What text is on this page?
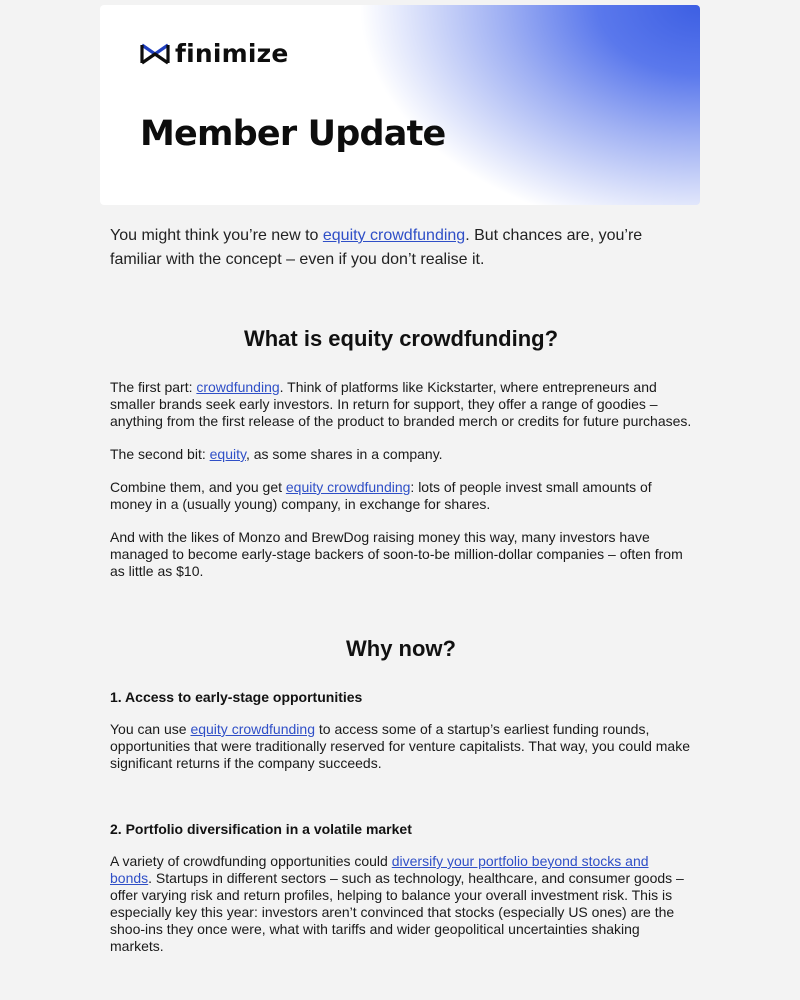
finimize
Member Update

You might think you’re new to equity crowdfunding. But chances are, you’re familiar with the concept – even if you don’t realise it.

What is equity crowdfunding?

The first part: crowdfunding. Think of platforms like Kickstarter, where entrepreneurs and smaller brands seek early investors. In return for support, they offer a range of goodies – anything from the first release of the product to branded merch or credits for future purchases.

The second bit: equity, as some shares in a company.

Combine them, and you get equity crowdfunding: lots of people invest small amounts of money in a (usually young) company, in exchange for shares.

And with the likes of Monzo and BrewDog raising money this way, many investors have managed to become early-stage backers of soon-to-be million-dollar companies – often from as little as $10.

Why now?

1. Access to early-stage opportunities

You can use equity crowdfunding to access some of a startup’s earliest funding rounds, opportunities that were traditionally reserved for venture capitalists. That way, you could make significant returns if the company succeeds.

2. Portfolio diversification in a volatile market

A variety of crowdfunding opportunities could diversify your portfolio beyond stocks and bonds. Startups in different sectors – such as technology, healthcare, and consumer goods – offer varying risk and return profiles, helping to balance your overall investment risk. This is especially key this year: investors aren’t convinced that stocks (especially US ones) are the shoo-ins they once were, what with tariffs and wider geopolitical uncertainties shaking markets.
